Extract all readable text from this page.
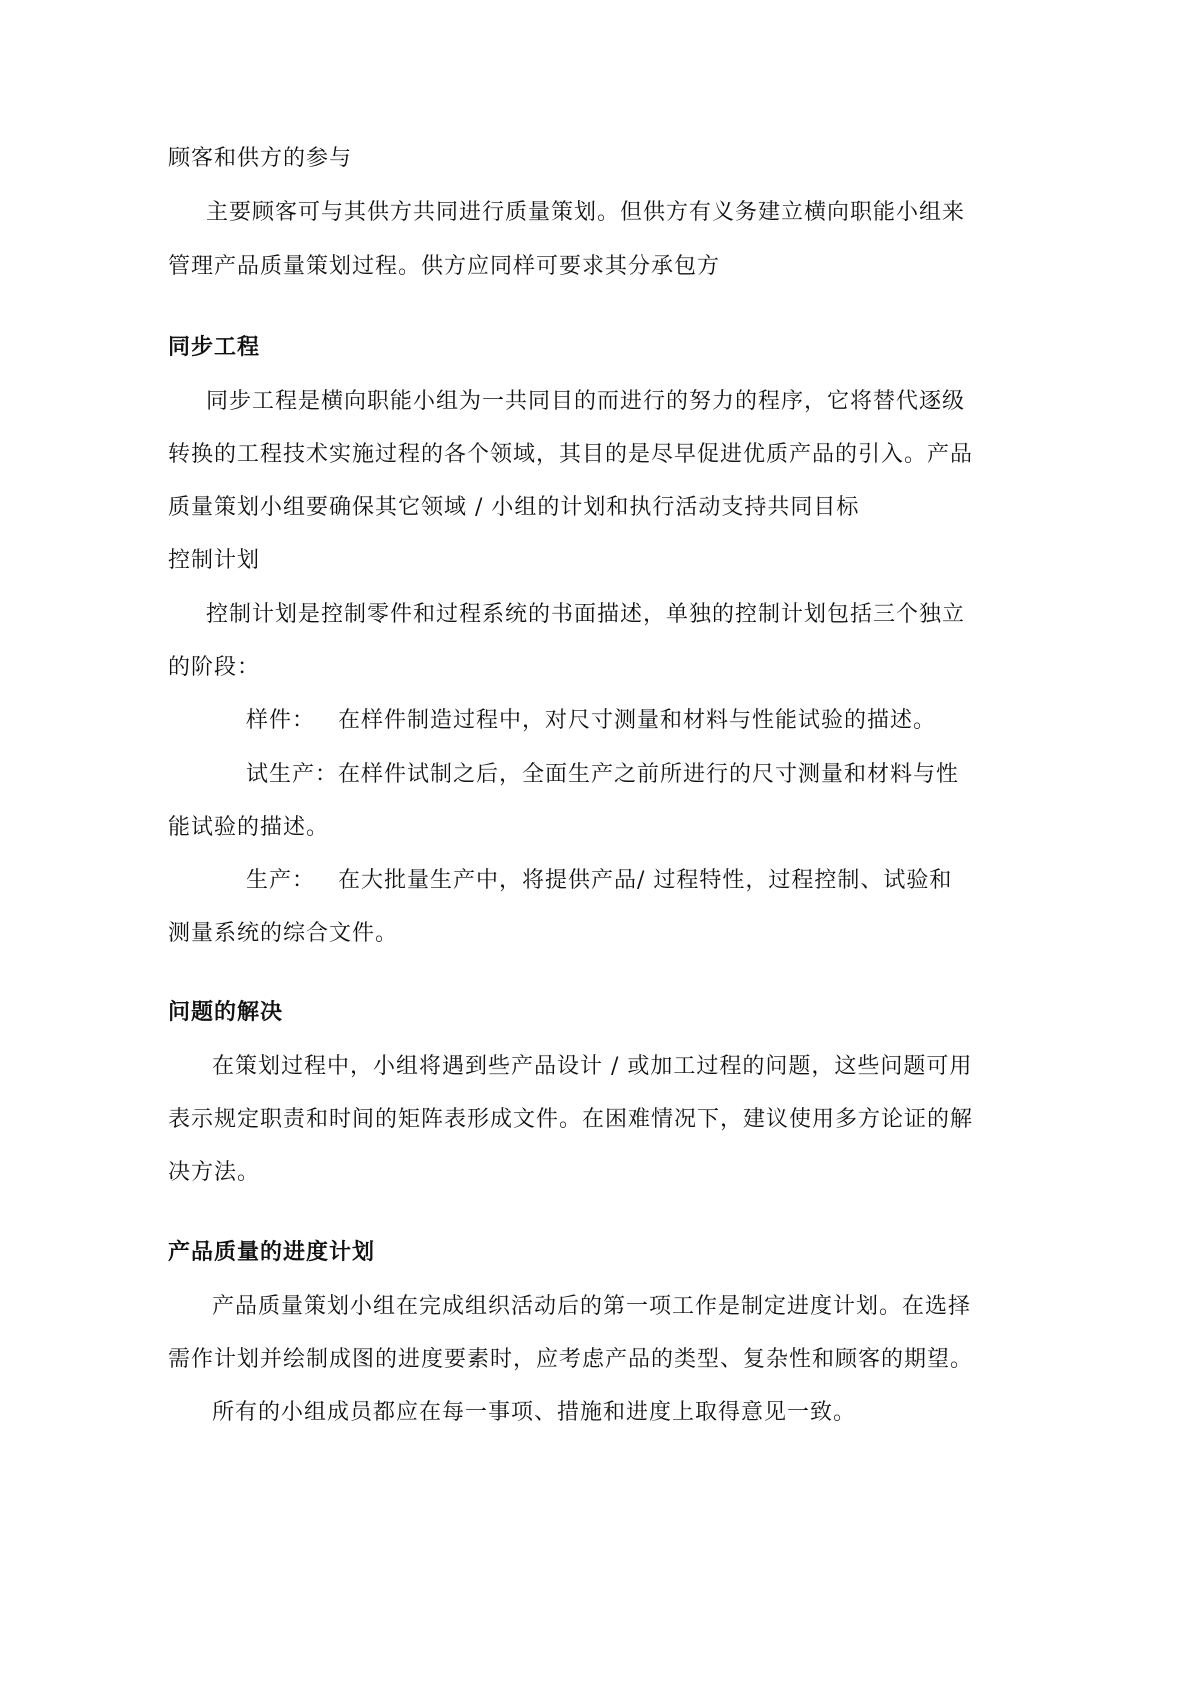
顾客和供方的参与
主要顾客可与其供方共同进行质量策划。但供方有义务建立横向职能小组来
管理产品质量策划过程。供方应同样可要求其分承包方
同步工程
同步工程是横向职能小组为一共同目的而进行的努力的程序，它将替代逐级
转换的工程技术实施过程的各个领域，其目的是尽早促进优质产品的引入。产品
质量策划小组要确保其它领域 / 小组的计划和执行活动支持共同目标
控制计划
控制计划是控制零件和过程系统的书面描述，单独的控制计划包括三个独立
的阶段：
样件： 在样件制造过程中，对尺寸测量和材料与性能试验的描述。
试生产： 在样件试制之后，全面生产之前所进行的尺寸测量和材料与性
能试验的描述。
生产： 在大批量生产中，将提供产品/ 过程特性，过程控制、试验和
测量系统的综合文件。
问题的解决
在策划过程中，小组将遇到些产品设计 / 或加工过程的问题，这些问题可用
表示规定职责和时间的矩阵表形成文件。在困难情况下，建议使用多方论证的解
决方法。
产品质量的进度计划
产品质量策划小组在完成组织活动后的第一项工作是制定进度计划。在选择
需作计划并绘制成图的进度要素时，应考虑产品的类型、复杂性和顾客的期望。
所有的小组成员都应在每一事项、措施和进度上取得意见一致。
